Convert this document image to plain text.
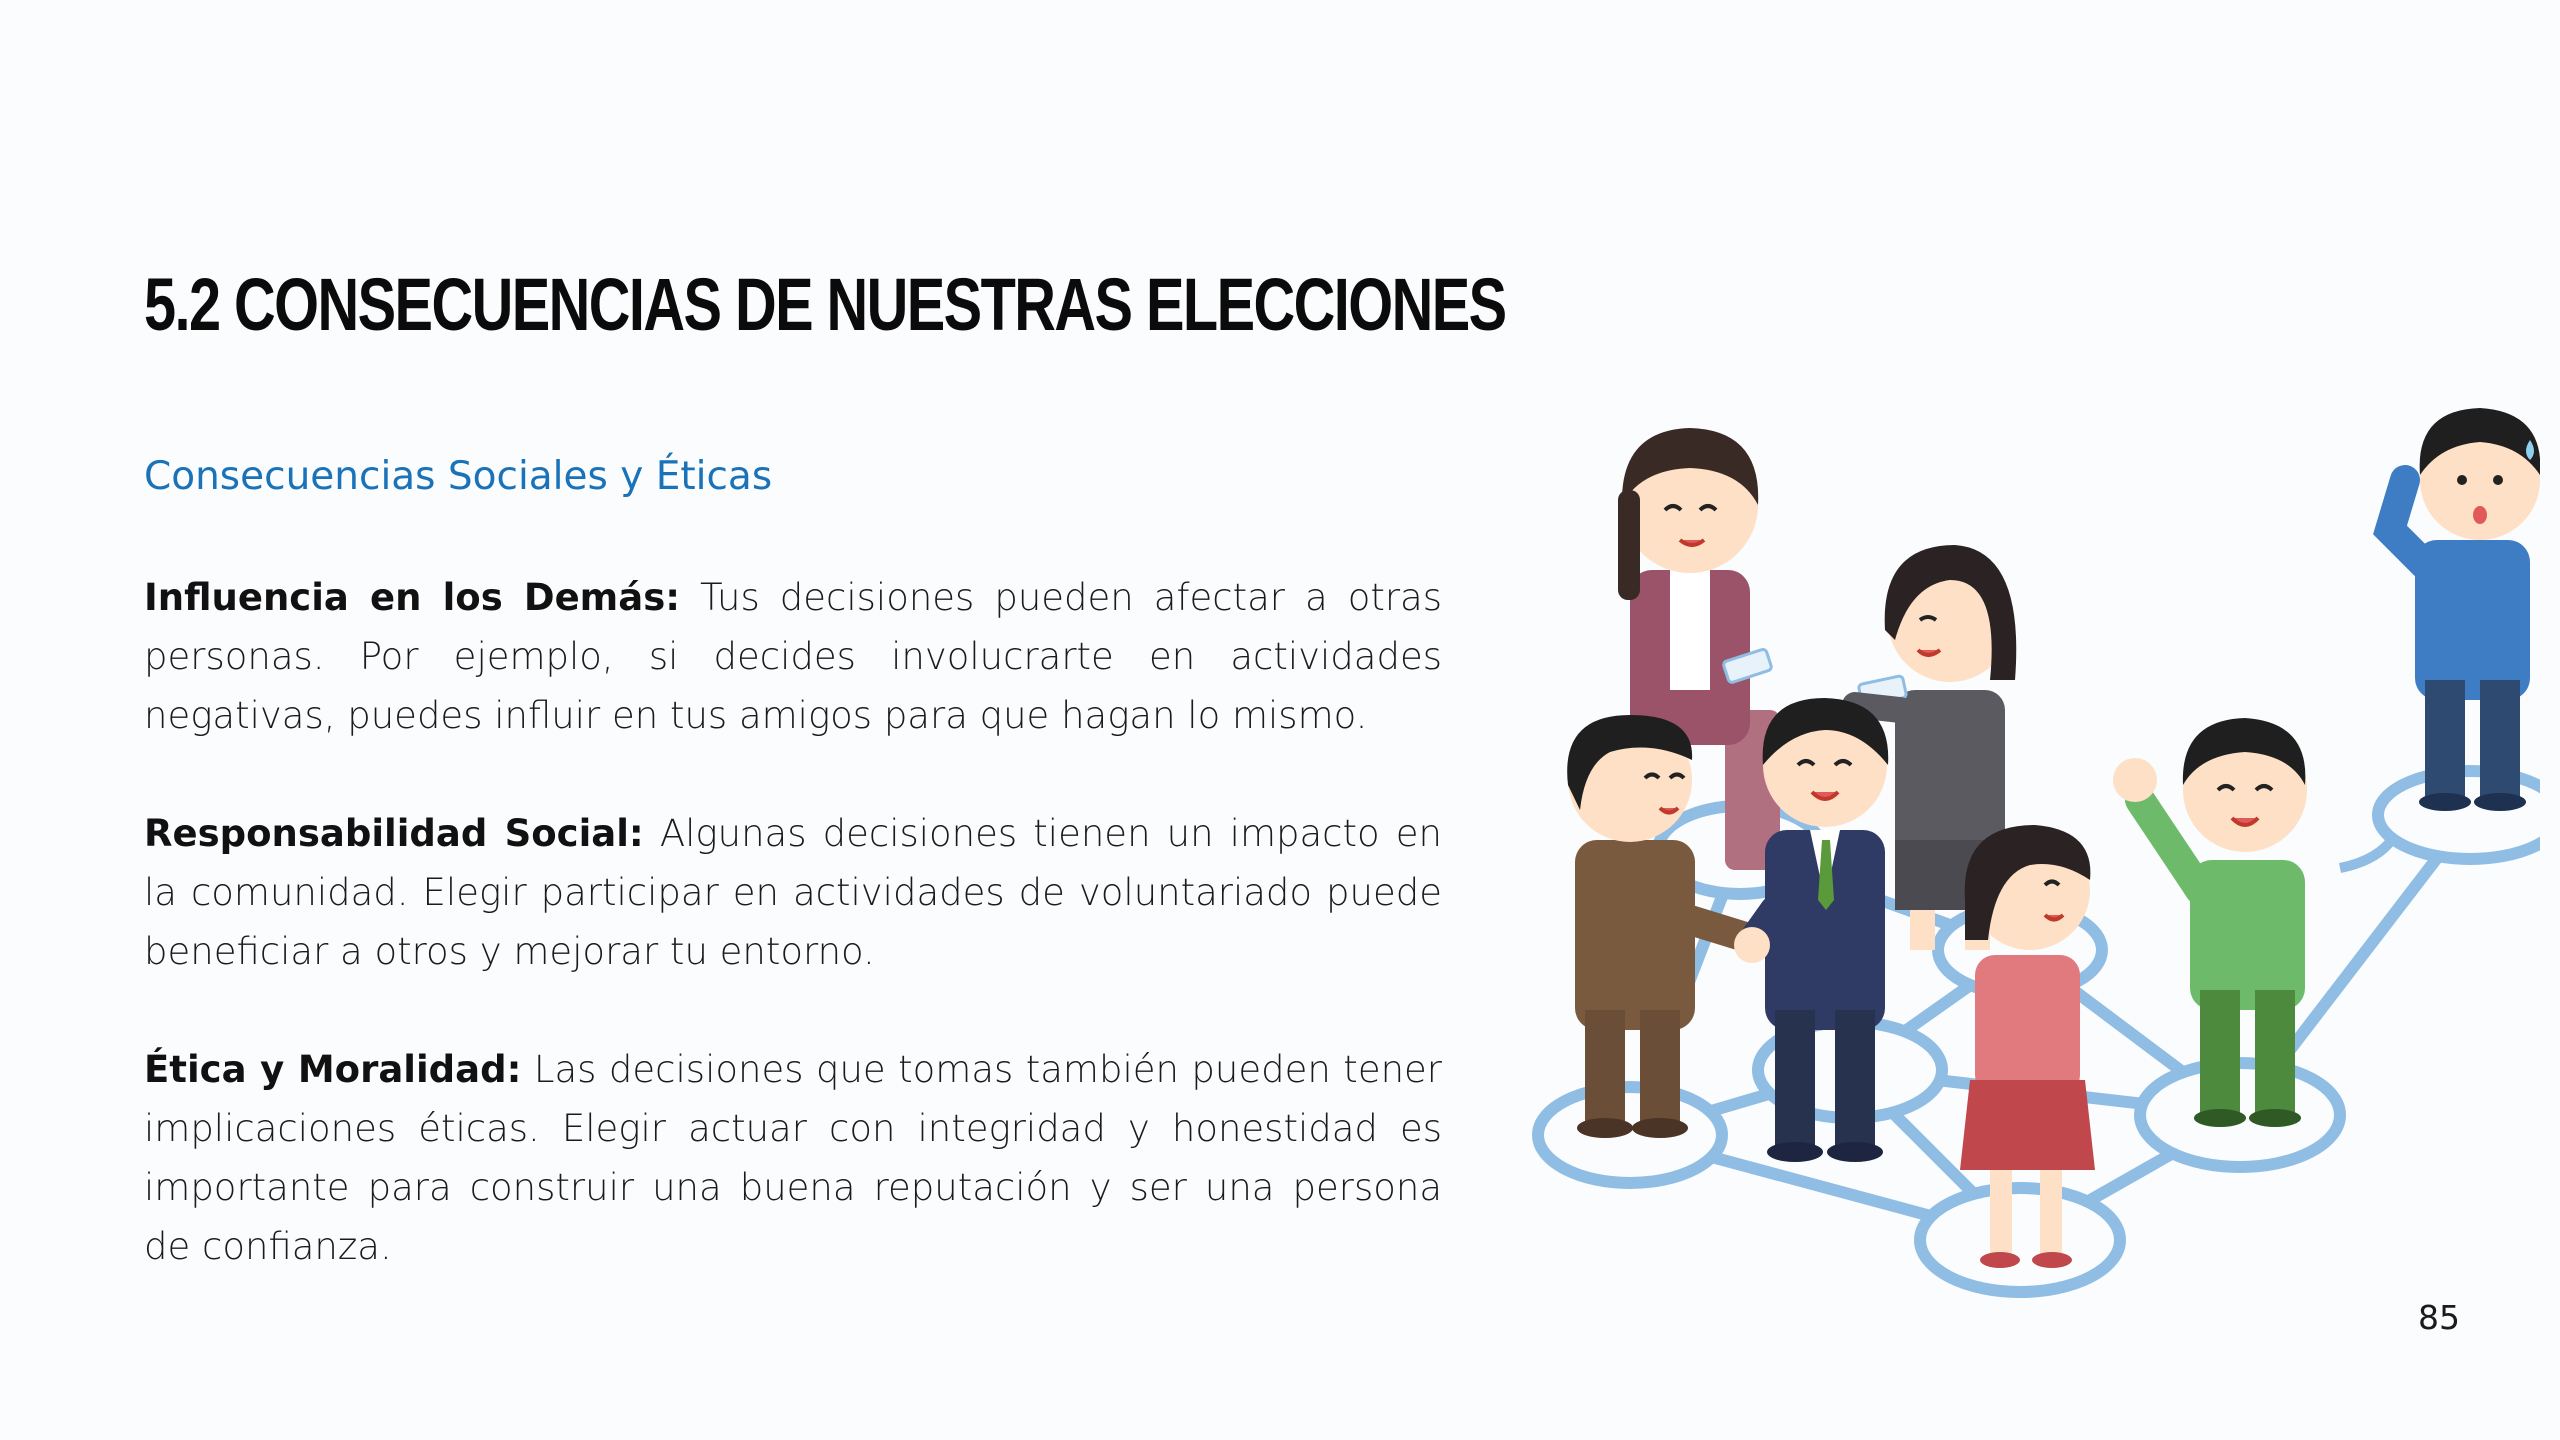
5.2 CONSECUENCIAS DE NUESTRAS ELECCIONES
Consecuencias Sociales y Éticas

Influencia en los Demás: Tus decisiones pueden afectar a otras personas. Por ejemplo, si decides involucrarte en actividades negativas, puedes influir en tus amigos para que hagan lo mismo.

Responsabilidad Social: Algunas decisiones tienen un impacto en la comunidad. Elegir participar en actividades de voluntariado puede beneficiar a otros y mejorar tu entorno.

Ética y Moralidad: Las decisiones que tomas también pueden tener implicaciones éticas. Elegir actuar con integridad y honestidad es importante para construir una buena reputación y ser una persona de confianza.

85
